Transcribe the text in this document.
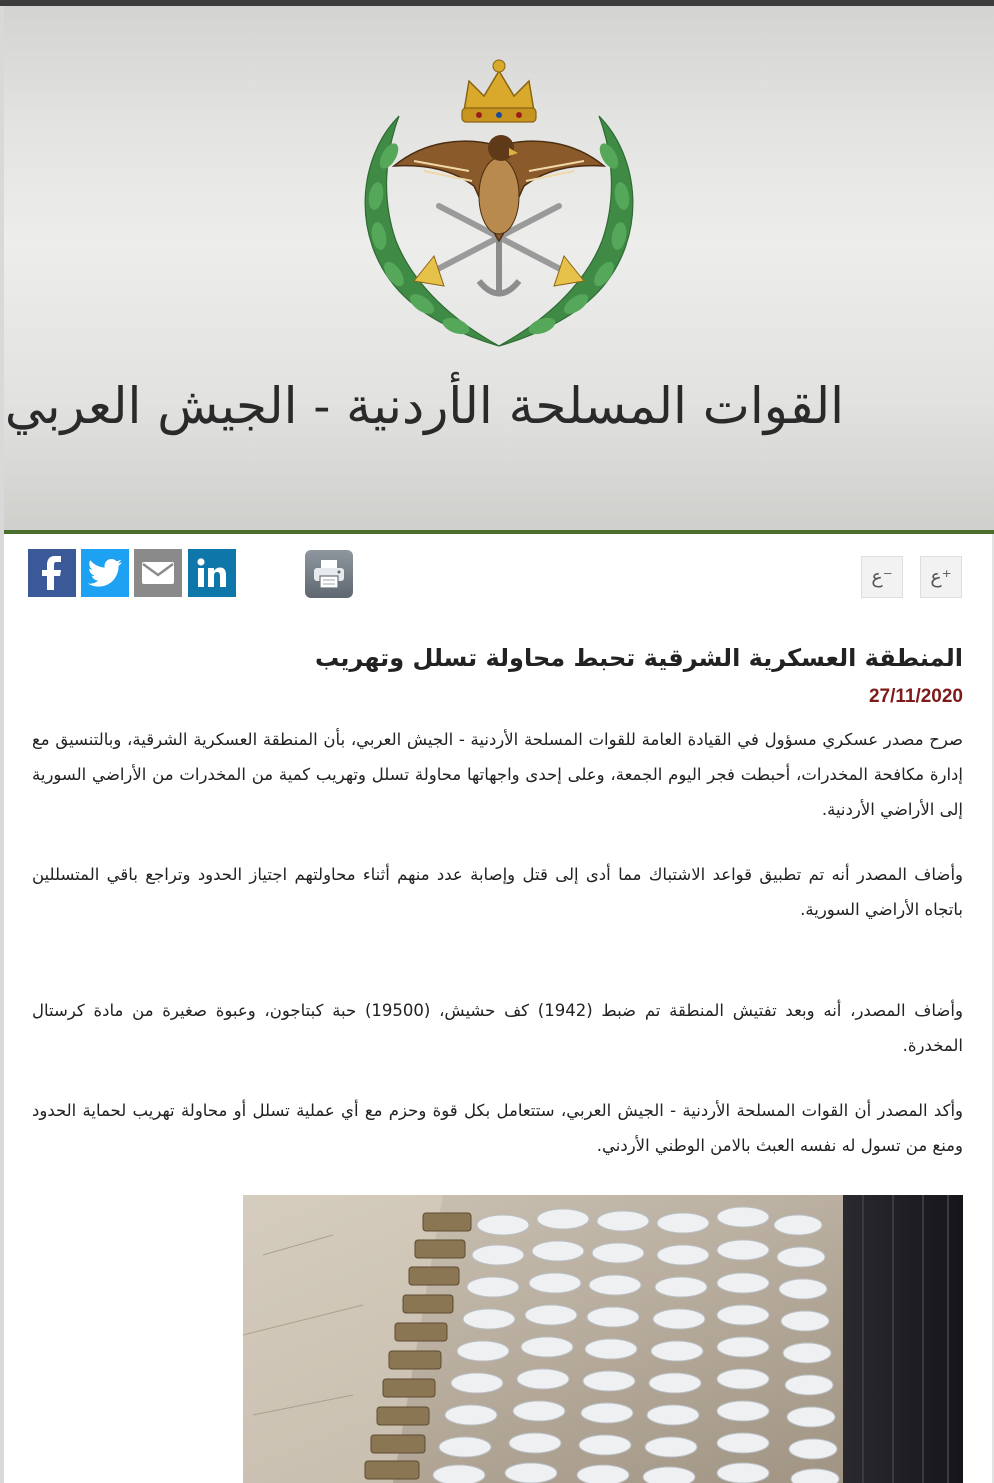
القوات المسلحة الأردنية - الجيش العربي
ع⁻	ع⁺
المنطقة العسكرية الشرقية تحبط محاولة تسلل وتهريب
27/11/2020

صرح مصدر عسكري مسؤول في القيادة العامة للقوات المسلحة الأردنية - الجيش العربي، بأن المنطقة العسكرية الشرقية، وبالتنسيق مع إدارة مكافحة المخدرات، أحبطت فجر اليوم الجمعة، وعلى إحدى واجهاتها محاولة تسلل وتهريب كمية من المخدرات من الأراضي السورية إلى الأراضي الأردنية.

وأضاف المصدر أنه تم تطبيق قواعد الاشتباك مما أدى إلى قتل وإصابة عدد منهم أثناء محاولتهم اجتياز الحدود وتراجع باقي المتسللين باتجاه الأراضي السورية.

وأضاف المصدر، أنه وبعد تفتيش المنطقة تم ضبط (1942) كف حشيش، (19500) حبة كبتاجون، وعبوة صغيرة من مادة كرستال المخدرة.

وأكد المصدر أن القوات المسلحة الأردنية - الجيش العربي، ستتعامل بكل قوة وحزم مع أي عملية تسلل أو محاولة تهريب لحماية الحدود ومنع من تسول له نفسه العبث بالامن الوطني الأردني.
